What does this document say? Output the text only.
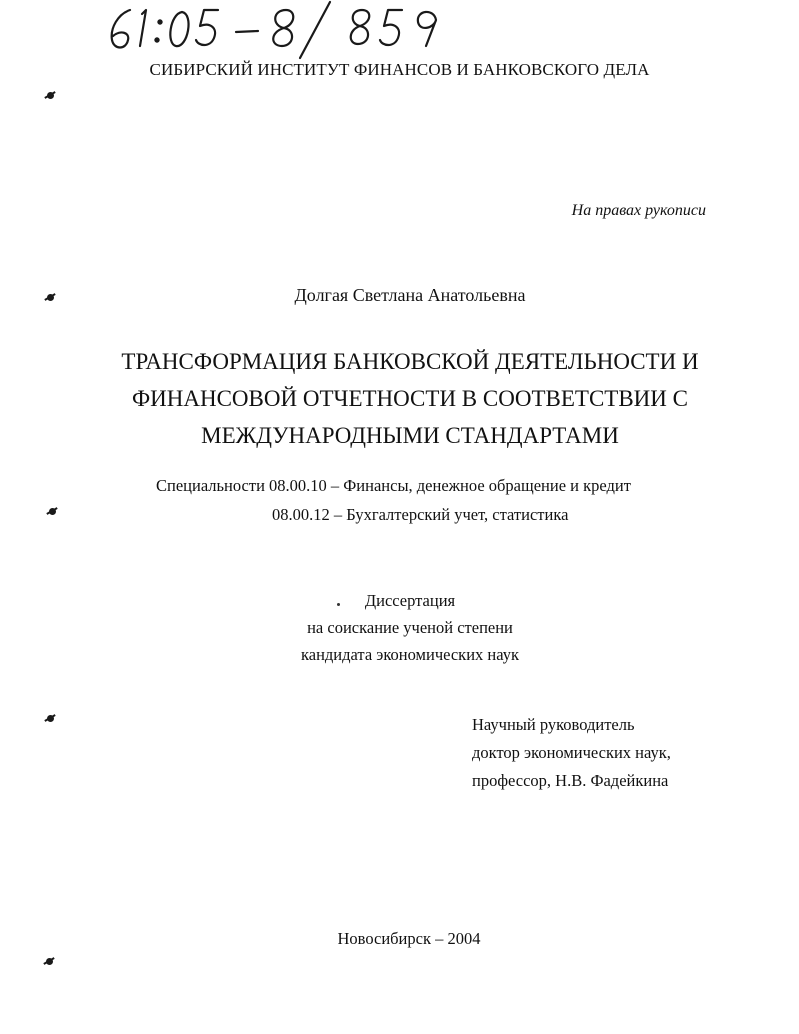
СИБИРСКИЙ ИНСТИТУТ ФИНАНСОВ И БАНКОВСКОГО ДЕЛА
На правах рукописи
Долгая Светлана Анатольевна
ТРАНСФОРМАЦИЯ БАНКОВСКОЙ ДЕЯТЕЛЬНОСТИ И
ФИНАНСОВОЙ ОТЧЕТНОСТИ В СООТВЕТСТВИИ С
МЕЖДУНАРОДНЫМИ СТАНДАРТАМИ
Специальности 08.00.10 – Финансы, денежное обращение и кредит
08.00.12 – Бухгалтерский учет, статистика
Диссертация
на соискание ученой степени
кандидата экономических наук
Научный руководитель
доктор экономических наук,
профессор, Н.В. Фадейкина
Новосибирск – 2004
